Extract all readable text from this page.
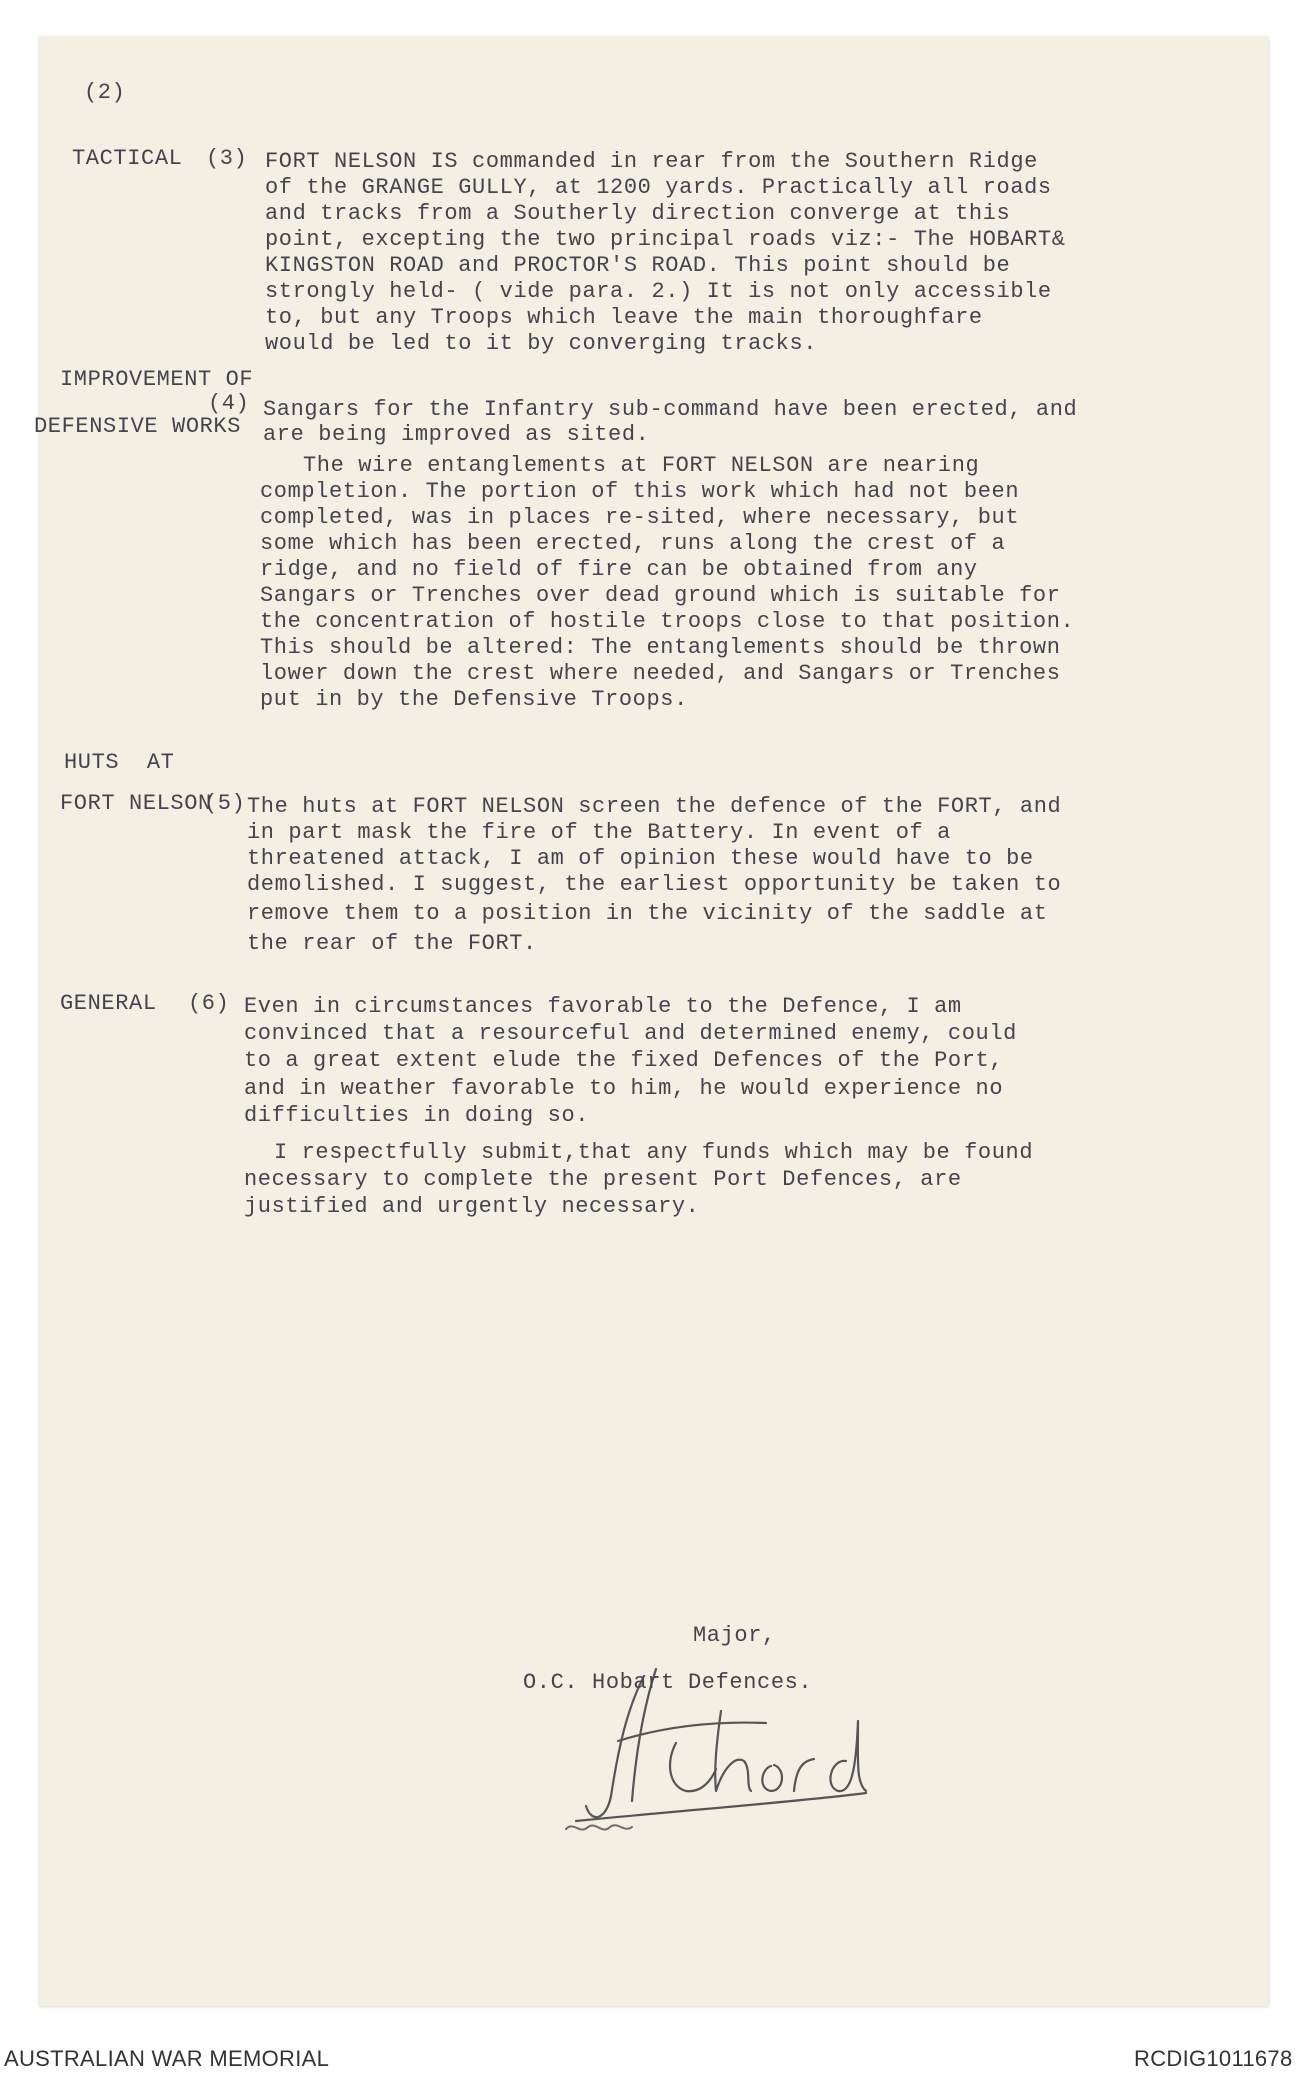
(2)
TACTICAL (3) FORT NELSON IS commanded in rear from the Southern Ridge
of the GRANGE GULLY, at 1200 yards. Practically all roads
and tracks from a Southerly direction converge at this
point, excepting the two principal roads viz:- The HOBART&
KINGSTON ROAD and PROCTOR'S ROAD. This point should be
strongly held- ( vide para. 2.) It is not only accessible
to, but any Troops which leave the main thoroughfare
would be led to it by converging tracks.
IMPROVEMENT OF
(4)
DEFENSIVE WORKS
Sangars for the Infantry sub-command have been erected, and
are being improved as sited.
The wire entanglements at FORT NELSON are nearing
completion. The portion of this work which had not been
completed, was in places re-sited, where necessary, but
some which has been erected, runs along the crest of a
ridge, and no field of fire can be obtained from any
Sangars or Trenches over dead ground which is suitable for
the concentration of hostile troops close to that position.
This should be altered: The entanglements should be thrown
lower down the crest where needed, and Sangars or Trenches
put in by the Defensive Troops.
HUTS  AT
FORT NELSON
(5) The huts at FORT NELSON screen the defence of the FORT, and
in part mask the fire of the Battery. In event of a
threatened attack, I am of opinion these would have to be
demolished. I suggest, the earliest opportunity be taken to
remove them to a position in the vicinity of the saddle at
the rear of the FORT.
GENERAL (6) Even in circumstances favorable to the Defence, I am
convinced that a resourceful and determined enemy, could
to a great extent elude the fixed Defences of the Port,
and in weather favorable to him, he would experience no
difficulties in doing so.
I respectfully submit,that any funds which may be found
necessary to complete the present Port Defences, are
justified and urgently necessary.
Major,
O.C. Hobart Defences.
AUSTRALIAN WAR MEMORIAL	RCDIG1011678
